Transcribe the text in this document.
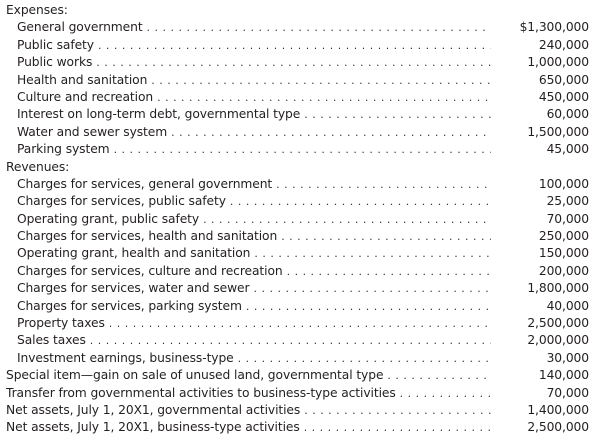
Expenses:
General government . . .	$1,300,000
Public safety . . .	240,000
Public works . . .	1,000,000
Health and sanitation . . .	650,000
Culture and recreation . . .	450,000
Interest on long-term debt, governmental type . . .	60,000
Water and sewer system . . .	1,500,000
Parking system . . .	45,000
Revenues:
Charges for services, general government . . .	100,000
Charges for services, public safety . . .	25,000
Operating grant, public safety . . .	70,000
Charges for services, health and sanitation . . .	250,000
Operating grant, health and sanitation . . .	150,000
Charges for services, culture and recreation . . .	200,000
Charges for services, water and sewer . . .	1,800,000
Charges for services, parking system . . .	40,000
Property taxes . . .	2,500,000
Sales taxes . . .	2,000,000
Investment earnings, business-type . . .	30,000
Special item—gain on sale of unused land, governmental type . . .	140,000
Transfer from governmental activities to business-type activities . . .	70,000
Net assets, July 1, 20X1, governmental activities . . .	1,400,000
Net assets, July 1, 20X1, business-type activities . . .	2,500,000
